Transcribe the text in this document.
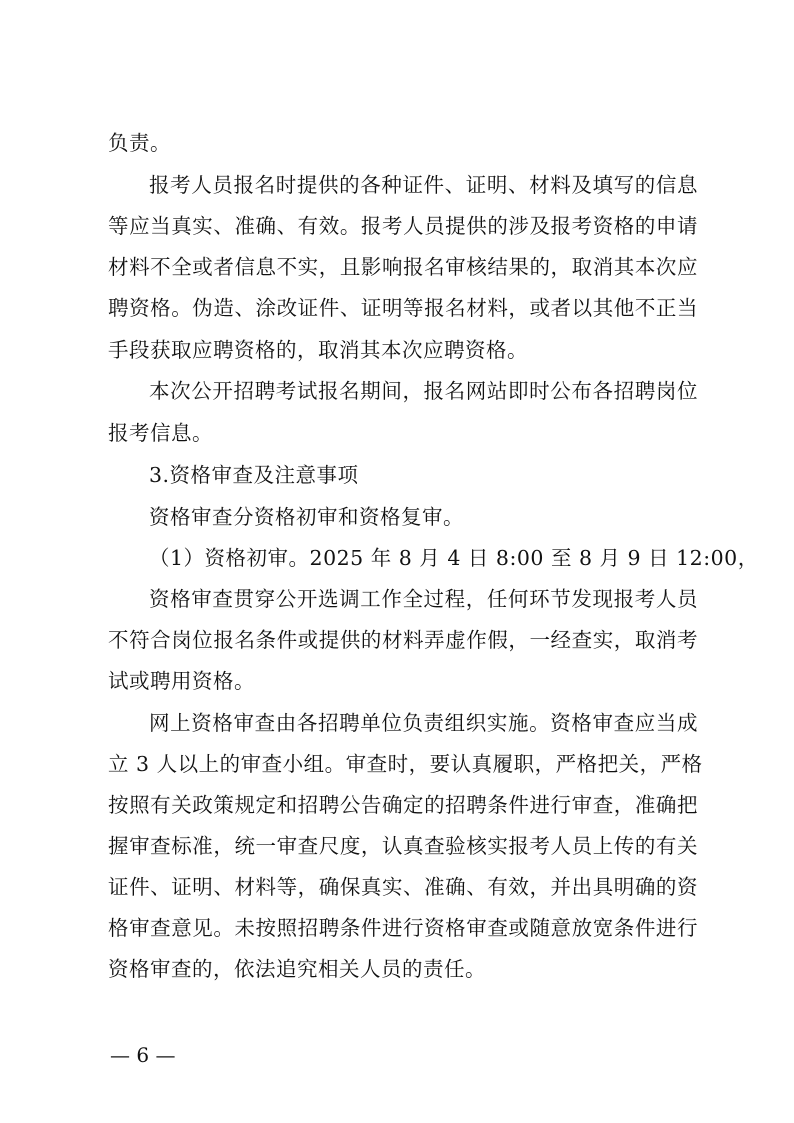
负责。
报考人员报名时提供的各种证件、证明、材料及填写的信息
等应当真实、准确、有效。报考人员提供的涉及报考资格的申请
材料不全或者信息不实，且影响报名审核结果的，取消其本次应
聘资格。伪造、涂改证件、证明等报名材料，或者以其他不正当
手段获取应聘资格的，取消其本次应聘资格。
本次公开招聘考试报名期间，报名网站即时公布各招聘岗位
报考信息。
3.资格审查及注意事项
资格审查分资格初审和资格复审。
（1）资格初审。2025 年 8 月 4 日 8:00 至 8 月 9 日 12:00，
资格审查贯穿公开选调工作全过程，任何环节发现报考人员
不符合岗位报名条件或提供的材料弄虚作假，一经查实，取消考
试或聘用资格。
网上资格审查由各招聘单位负责组织实施。资格审查应当成
立 3 人以上的审查小组。审查时，要认真履职，严格把关，严格
按照有关政策规定和招聘公告确定的招聘条件进行审查，准确把
握审查标准，统一审查尺度，认真查验核实报考人员上传的有关
证件、证明、材料等，确保真实、准确、有效，并出具明确的资
格审查意见。未按照招聘条件进行资格审查或随意放宽条件进行
资格审查的，依法追究相关人员的责任。
— 6 —
